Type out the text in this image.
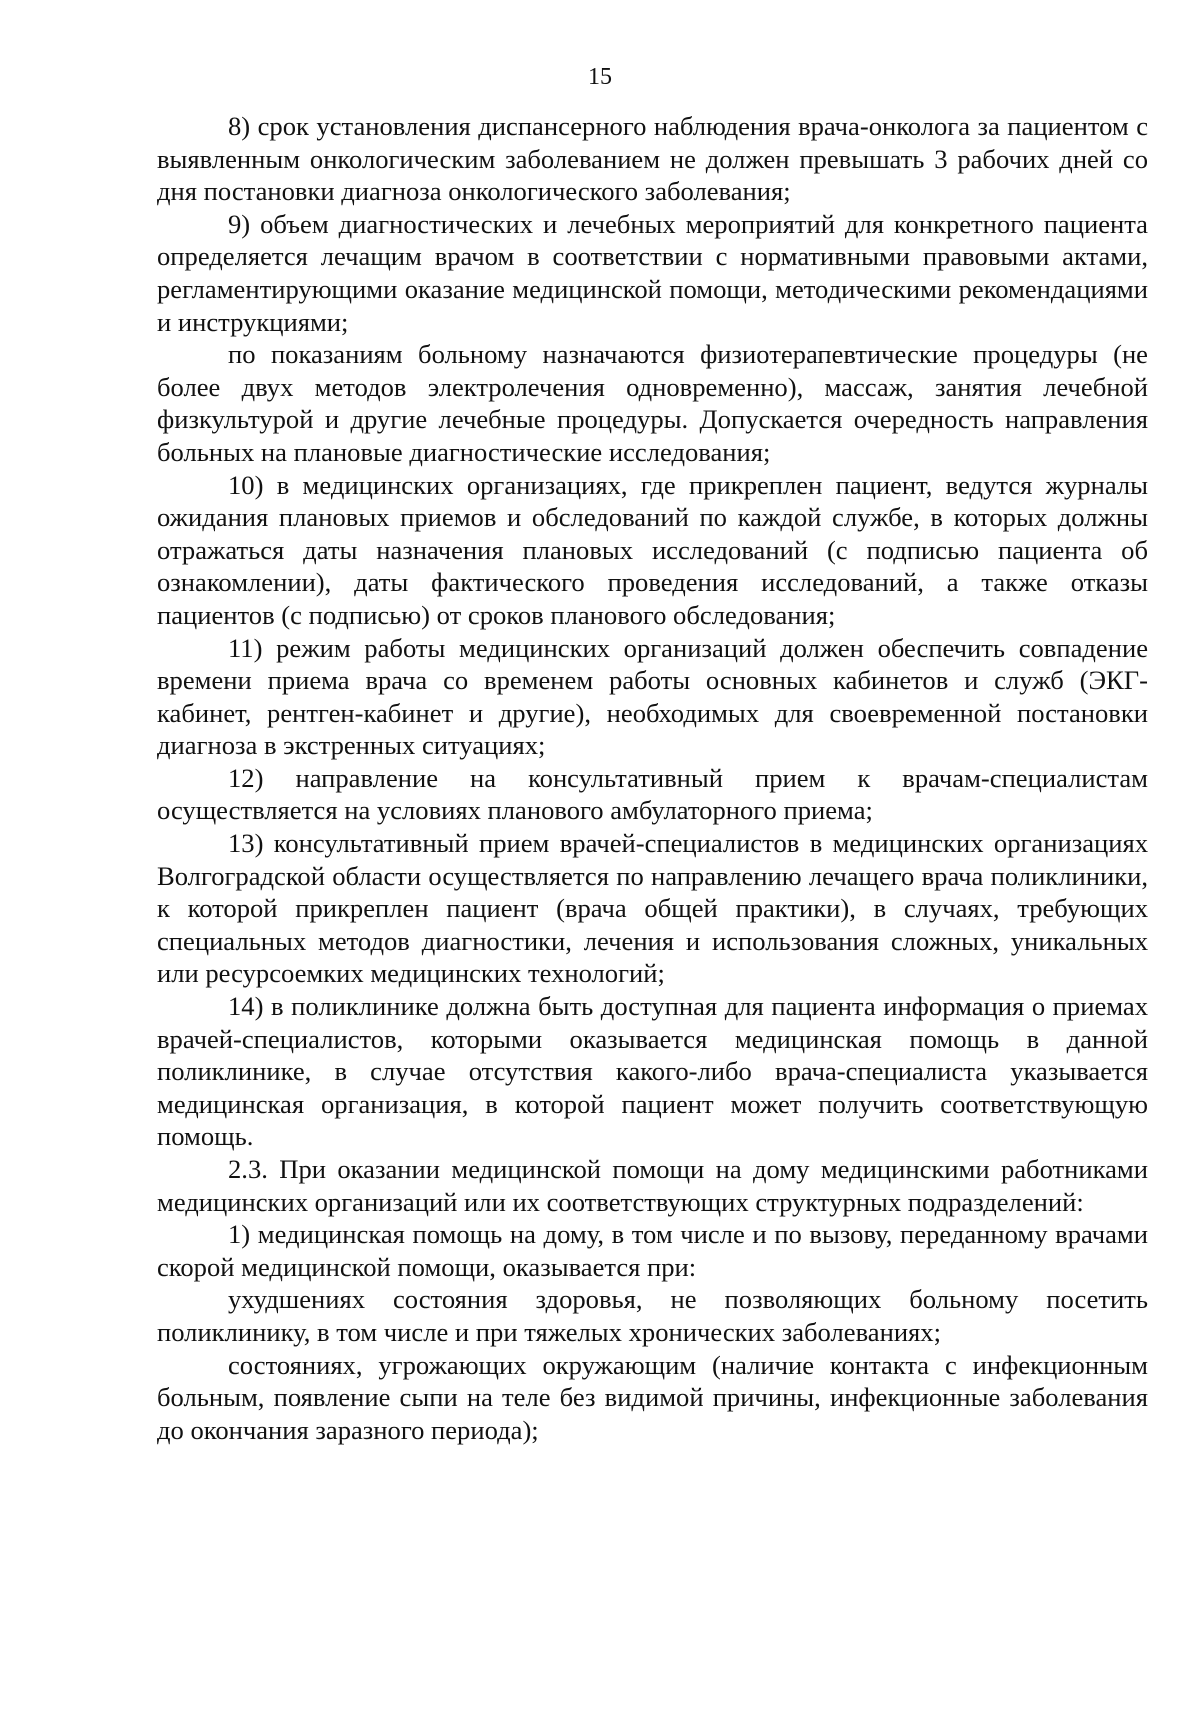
15

8) срок установления диспансерного наблюдения врача-онколога за пациентом с выявленным онкологическим заболеванием не должен превышать 3 рабочих дней со дня постановки диагноза онкологического заболевания;

9) объем диагностических и лечебных мероприятий для конкретного пациента определяется лечащим врачом в соответствии с нормативными правовыми актами, регламентирующими оказание медицинской помощи, методическими рекомендациями и инструкциями;

по показаниям больному назначаются физиотерапевтические процедуры (не более двух методов электролечения одновременно), массаж, занятия лечебной физкультурой и другие лечебные процедуры. Допускается очередность направления больных на плановые диагностические исследования;

10) в медицинских организациях, где прикреплен пациент, ведутся журналы ожидания плановых приемов и обследований по каждой службе, в которых должны отражаться даты назначения плановых исследований (с подписью пациента об ознакомлении), даты фактического проведения исследований, а также отказы пациентов (с подписью) от сроков планового обследования;

11) режим работы медицинских организаций должен обеспечить совпадение времени приема врача со временем работы основных кабинетов и служб (ЭКГ-кабинет, рентген-кабинет и другие), необходимых для своевременной постановки диагноза в экстренных ситуациях;

12) направление на консультативный прием к врачам-специалистам осуществляется на условиях планового амбулаторного приема;

13) консультативный прием врачей-специалистов в медицинских организациях Волгоградской области осуществляется по направлению лечащего врача поликлиники, к которой прикреплен пациент (врача общей практики), в случаях, требующих специальных методов диагностики, лечения и использования сложных, уникальных или ресурсоемких медицинских технологий;

14) в поликлинике должна быть доступная для пациента информация о приемах врачей-специалистов, которыми оказывается медицинская помощь в данной поликлинике, в случае отсутствия какого-либо врача-специалиста указывается медицинская организация, в которой пациент может получить соответствующую помощь.

2.3. При оказании медицинской помощи на дому медицинскими работниками медицинских организаций или их соответствующих структурных подразделений:

1) медицинская помощь на дому, в том числе и по вызову, переданному врачами скорой медицинской помощи, оказывается при:

ухудшениях состояния здоровья, не позволяющих больному посетить поликлинику, в том числе и при тяжелых хронических заболеваниях;

состояниях, угрожающих окружающим (наличие контакта с инфекционным больным, появление сыпи на теле без видимой причины, инфекционные заболевания до окончания заразного периода);
